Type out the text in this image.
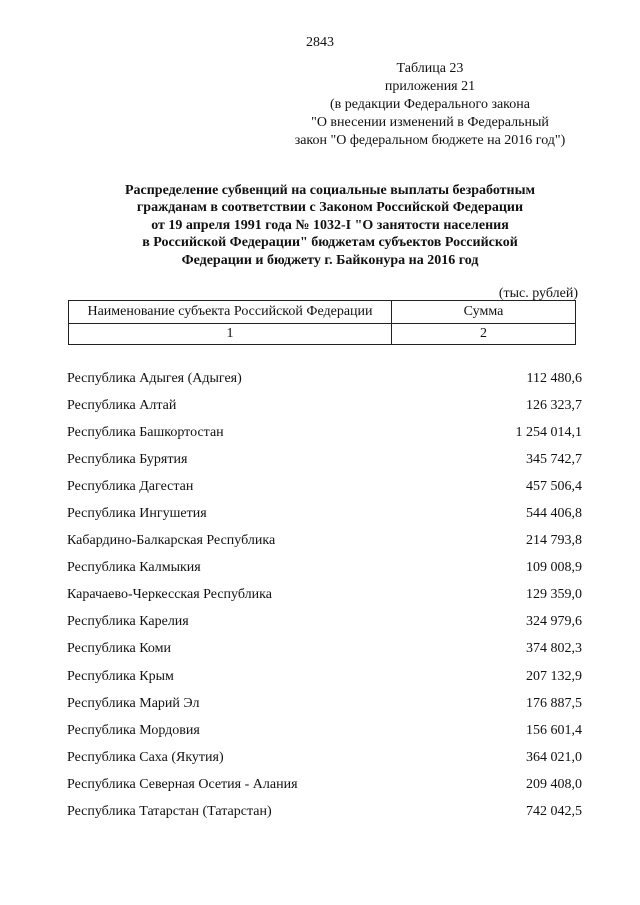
2843
Таблица 23
приложения 21
(в редакции Федерального закона
"О внесении изменений в Федеральный
закон "О федеральном бюджете на 2016 год")
Распределение субвенций на социальные выплаты безработным
гражданам в соответствии с Законом Российской Федерации
от 19 апреля 1991 года № 1032-I "О занятости населения
в Российской Федерации" бюджетам субъектов Российской
Федерации и бюджету г. Байконура на 2016 год
(тыс. рублей)
Наименование субъекта Российской Федерации	Сумма
1	2
Республика Адыгея (Адыгея)	112 480,6
Республика Алтай	126 323,7
Республика Башкортостан	1 254 014,1
Республика Бурятия	345 742,7
Республика Дагестан	457 506,4
Республика Ингушетия	544 406,8
Кабардино-Балкарская Республика	214 793,8
Республика Калмыкия	109 008,9
Карачаево-Черкесская Республика	129 359,0
Республика Карелия	324 979,6
Республика Коми	374 802,3
Республика Крым	207 132,9
Республика Марий Эл	176 887,5
Республика Мордовия	156 601,4
Республика Саха (Якутия)	364 021,0
Республика Северная Осетия - Алания	209 408,0
Республика Татарстан (Татарстан)	742 042,5
